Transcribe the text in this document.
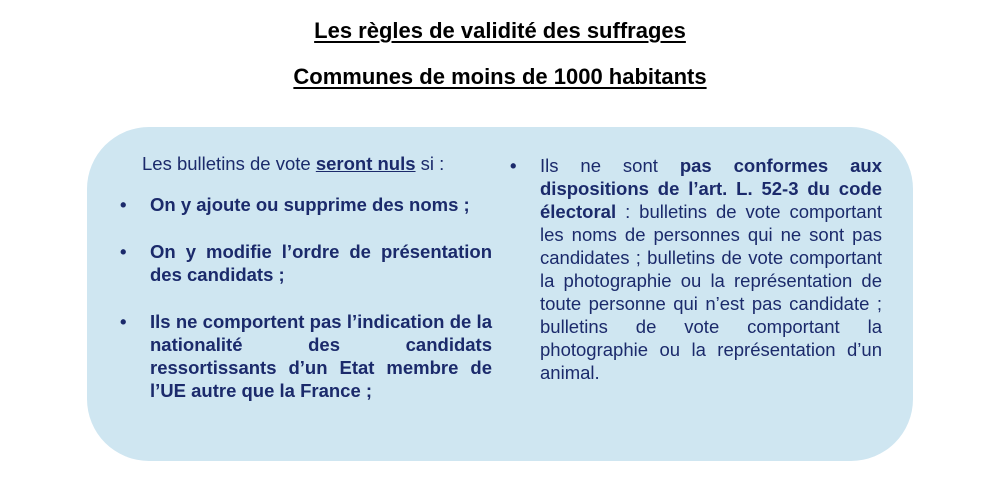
Les règles de validité des suffrages
Communes de moins de 1000 habitants
Les bulletins de vote seront nuls si :
• On y ajoute ou supprime des noms ;
• On y modifie l’ordre de présentation des candidats ;
• Ils ne comportent pas l’indication de la nationalité des candidats ressortissants d’un Etat membre de l’UE autre que la France ;
• Ils ne sont pas conformes aux dispositions de l’art. L. 52-3 du code électoral : bulletins de vote comportant les noms de personnes qui ne sont pas candidates ; bulletins de vote comportant la photographie ou la représentation de toute personne qui n’est pas candidate ; bulletins de vote comportant la photographie ou la représentation d’un animal.
